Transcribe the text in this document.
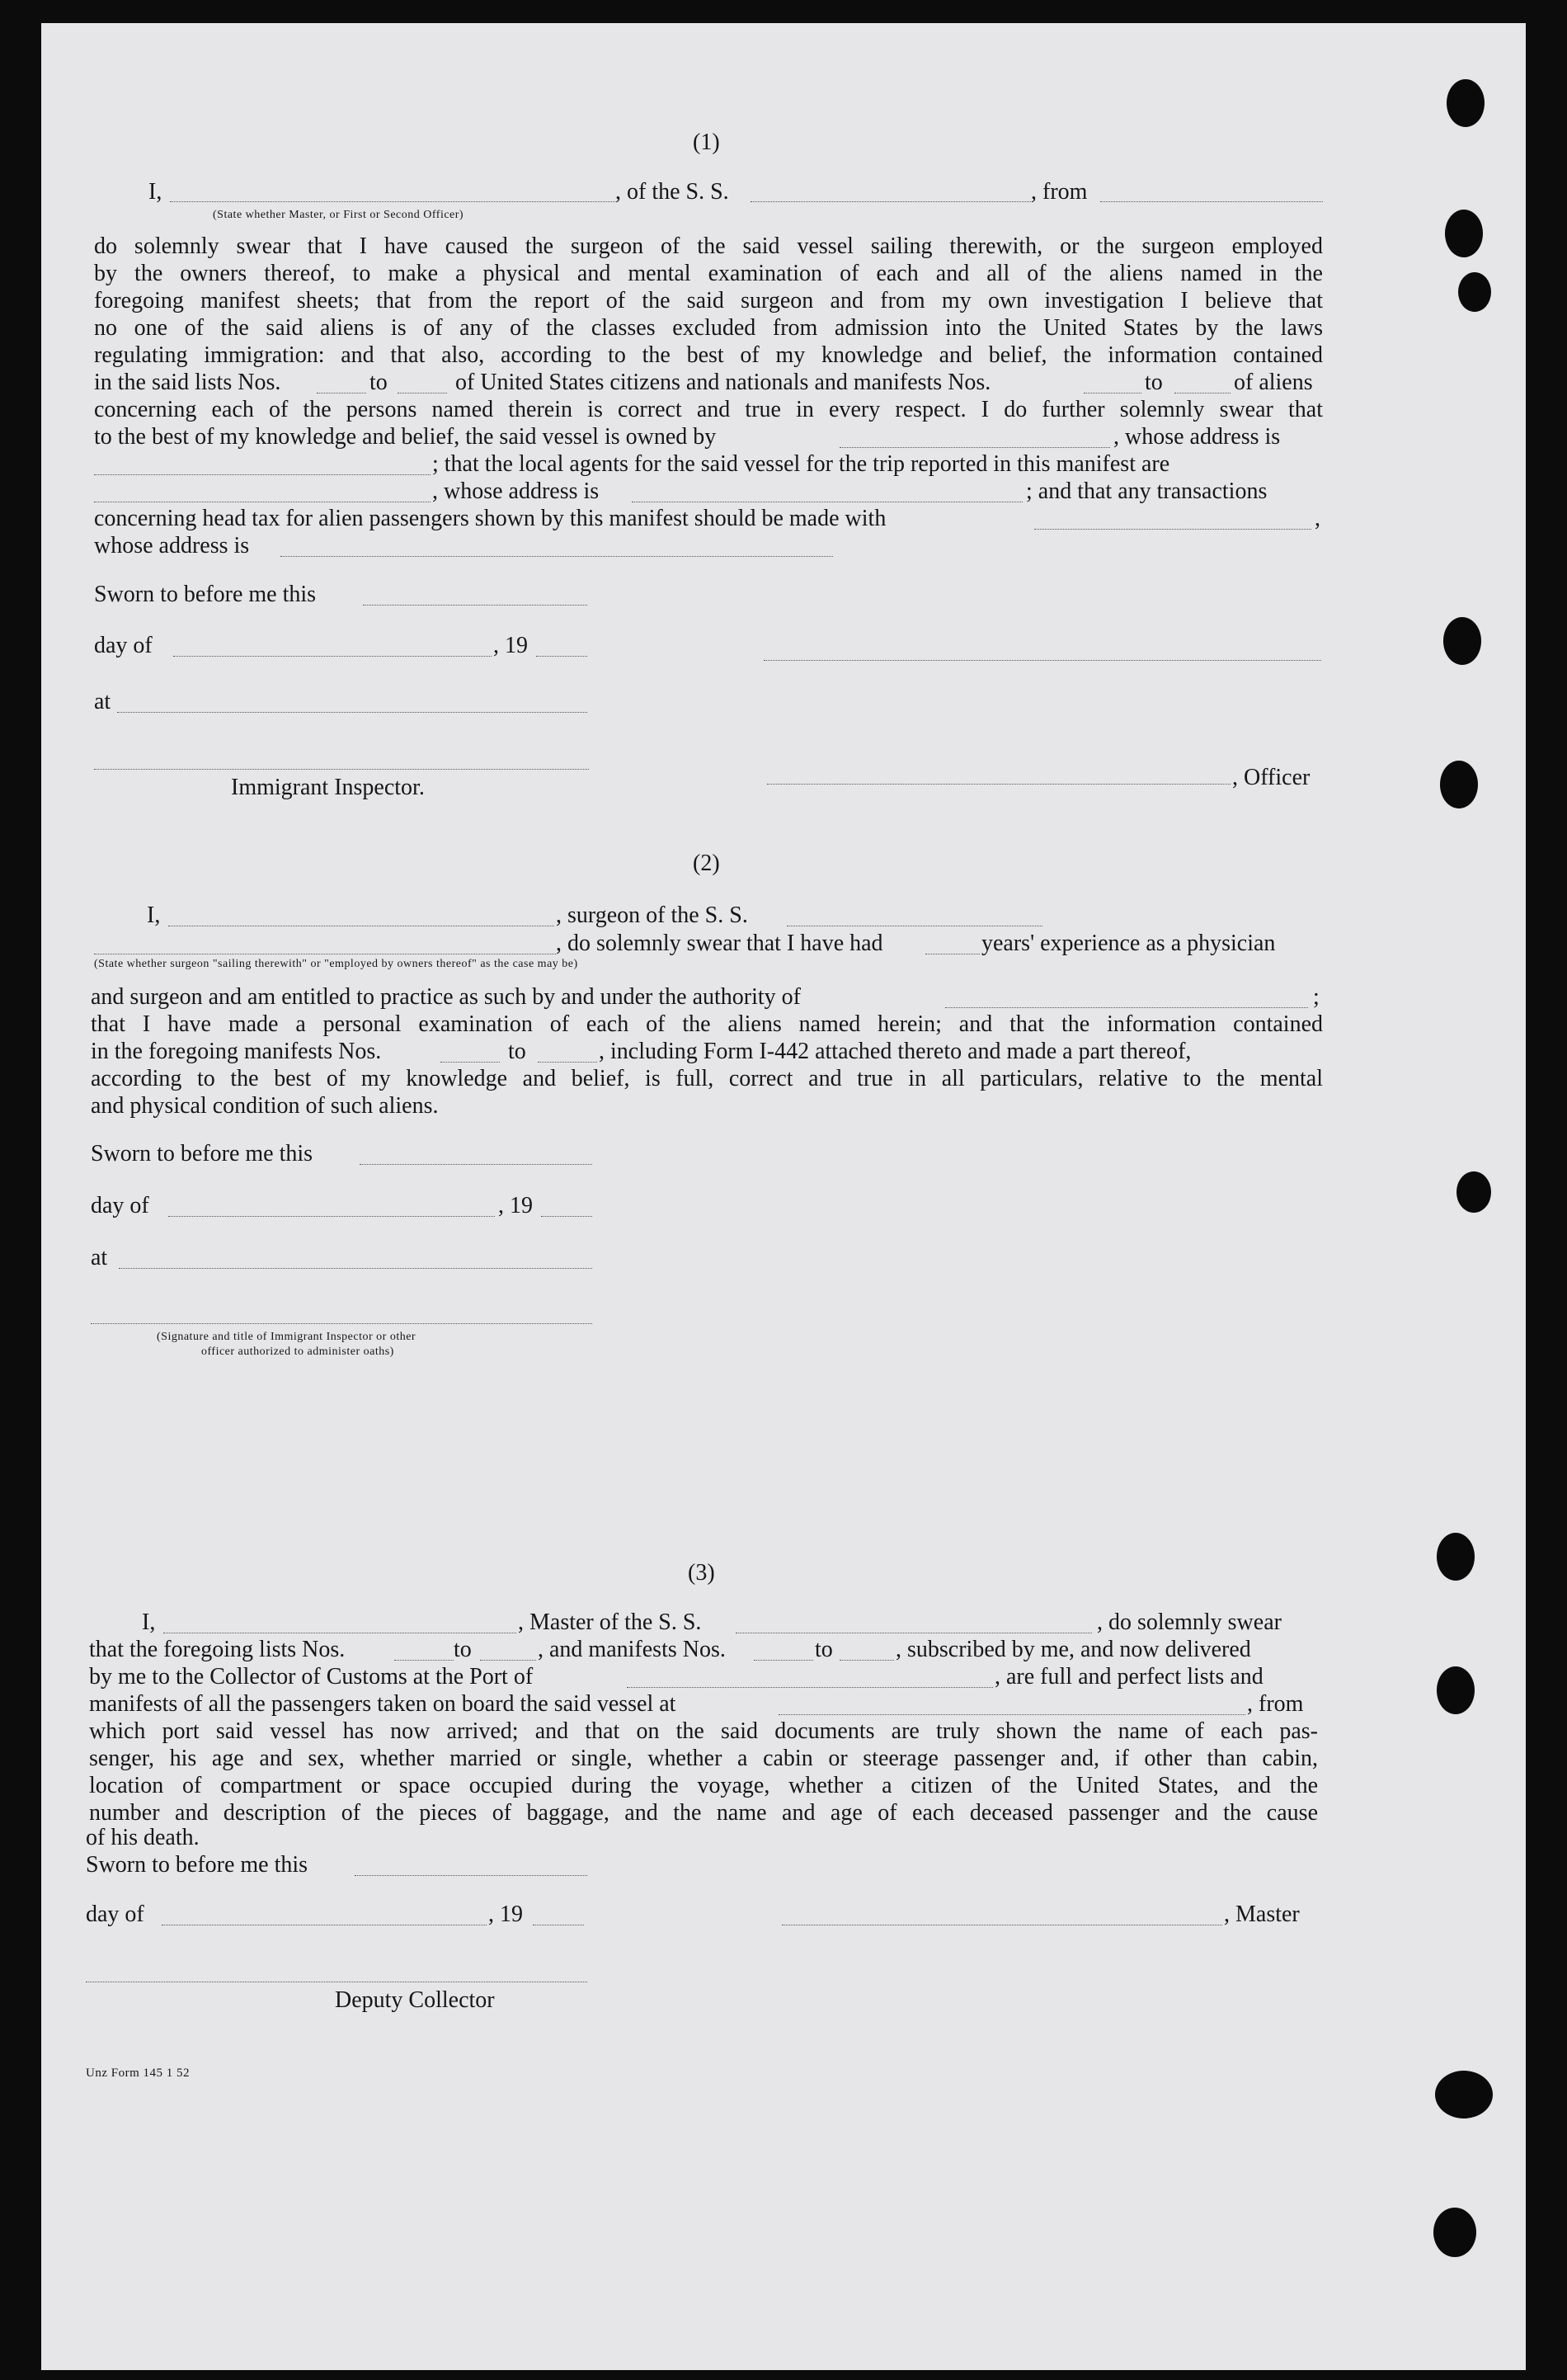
(1)
I,
(State whether Master, or First or Second Officer)
, of the S. S.	, from
do solemnly swear that I have caused the surgeon of the said vessel sailing therewith, or the surgeon employed
by the owners thereof, to make a physical and mental examination of each and all of the aliens named in the
foregoing manifest sheets; that from the report of the said surgeon and from my own investigation I believe that
no one of the said aliens is of any of the classes excluded from admission into the United States by the laws
regulating immigration: and that also, according to the best of my knowledge and belief, the information contained
in the said lists Nos.	to	of United States citizens and nationals and manifests Nos.	to	of aliens
concerning each of the persons named therein is correct and true in every respect. I do further solemnly swear that
to the best of my knowledge and belief, the said vessel is owned by	, whose address is
; that the local agents for the said vessel for the trip reported in this manifest are
, whose address is	; and that any transactions
concerning head tax for alien passengers shown by this manifest should be made with	,
whose address is
Sworn to before me this
day of	, 19
at
, Officer
Immigrant Inspector.
(2)
I,	, surgeon of the S. S.
, do solemnly swear that I have had	years' experience as a physician
(State whether surgeon "sailing therewith" or "employed by owners thereof" as the case may be)
and surgeon and am entitled to practice as such by and under the authority of	;
that I have made a personal examination of each of the aliens named herein; and that the information contained
in the foregoing manifests Nos.	to	, including Form I-442 attached thereto and made a part thereof,
according to the best of my knowledge and belief, is full, correct and true in all particulars, relative to the mental
and physical condition of such aliens.
Sworn to before me this
day of	, 19
at
(Signature and title of Immigrant Inspector or other
officer authorized to administer oaths)
(3)
I,	, Master of the S. S.	, do solemnly swear
that the foregoing lists Nos.	to	, and manifests Nos.	to	, subscribed by me, and now delivered
by me to the Collector of Customs at the Port of	, are full and perfect lists and
manifests of all the passengers taken on board the said vessel at	, from
which port said vessel has now arrived; and that on the said documents are truly shown the name of each pas-
senger, his age and sex, whether married or single, whether a cabin or steerage passenger and, if other than cabin,
location of compartment or space occupied during the voyage, whether a citizen of the United States, and the
number and description of the pieces of baggage, and the name and age of each deceased passenger and the cause
of his death.
Sworn to before me this
day of	, 19	, Master
Deputy Collector
Unz Form 145 1 52
